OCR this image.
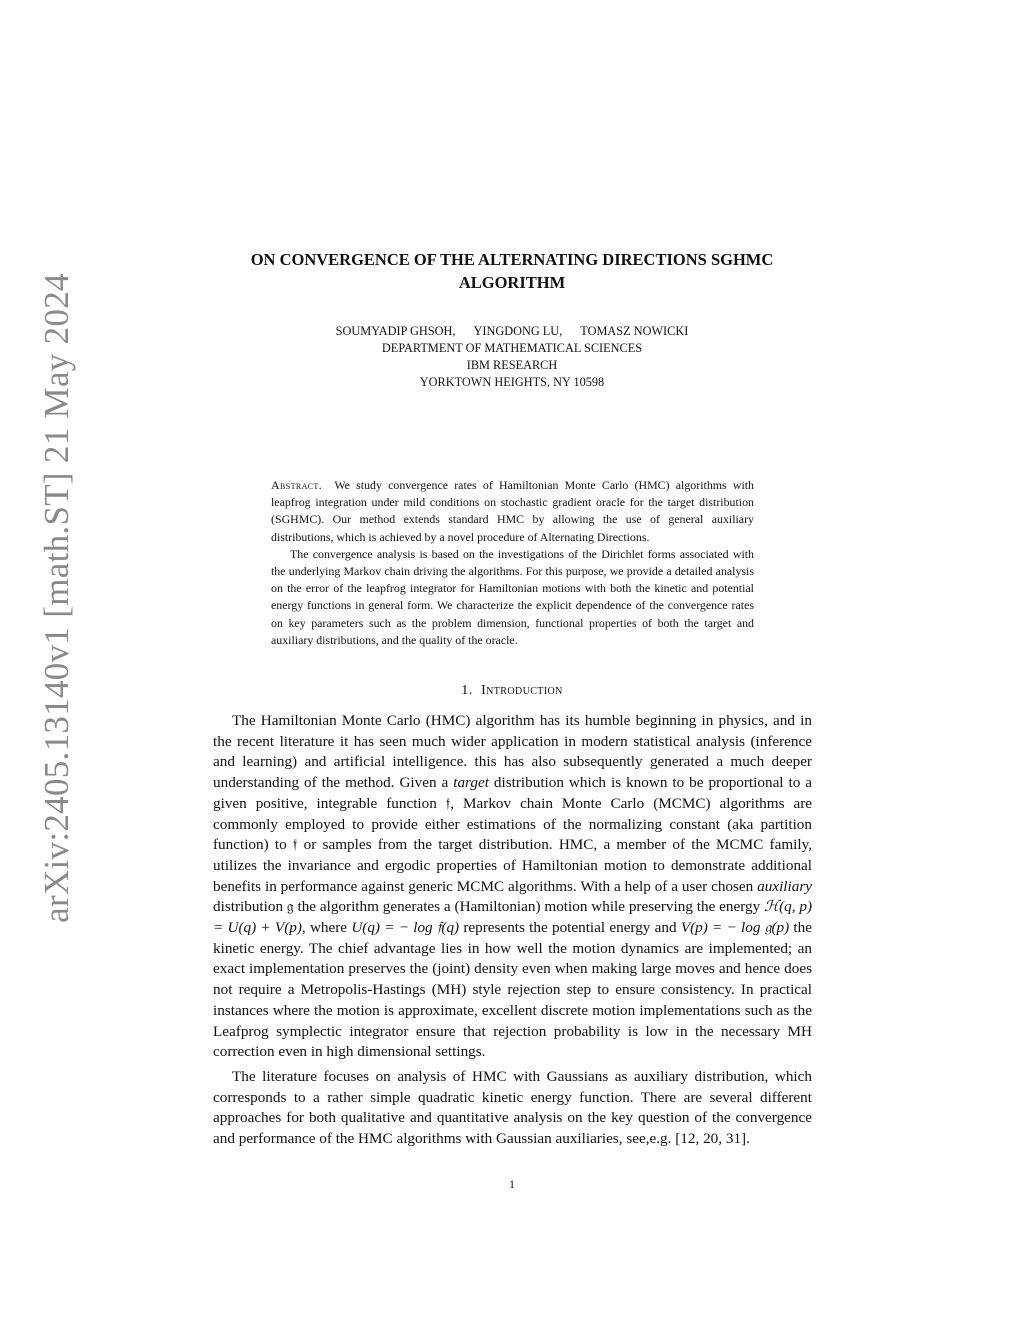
arXiv:2405.13140v1 [math.ST] 21 May 2024
ON CONVERGENCE OF THE ALTERNATING DIRECTIONS SGHMC
ALGORITHM
SOUMYADIP GHSOH, YINGDONG LU, TOMASZ NOWICKI
DEPARTMENT OF MATHEMATICAL SCIENCES
IBM RESEARCH
YORKTOWN HEIGHTS, NY 10598

Abstract. We study convergence rates of Hamiltonian Monte Carlo (HMC) algorithms with leapfrog integration under mild conditions on stochastic gradient oracle for the target distribution (SGHMC). Our method extends standard HMC by allowing the use of general auxiliary distributions, which is achieved by a novel procedure of Alternating Directions.

The convergence analysis is based on the investigations of the Dirichlet forms associated with the underlying Markov chain driving the algorithms. For this purpose, we provide a detailed analysis on the error of the leapfrog integrator for Hamiltonian motions with both the kinetic and potential energy functions in general form. We characterize the explicit dependence of the convergence rates on key parameters such as the problem dimension, functional properties of both the target and auxiliary distributions, and the quality of the oracle.

1. Introduction

The Hamiltonian Monte Carlo (HMC) algorithm has its humble beginning in physics, and in the recent literature it has seen much wider application in modern statistical analysis (inference and learning) and artificial intelligence. this has also subsequently generated a much deeper understanding of the method. Given a target distribution which is known to be proportional to a given positive, integrable function 𝔣, Markov chain Monte Carlo (MCMC) algorithms are commonly employed to provide either estimations of the normalizing constant (aka partition function) to 𝔣 or samples from the target distribution. HMC, a member of the MCMC family, utilizes the invariance and ergodic properties of Hamiltonian motion to demonstrate additional benefits in performance against generic MCMC algorithms. With a help of a user chosen auxiliary distribution 𝔤 the algorithm generates a (Hamiltonian) motion while preserving the energy ℋ(q, p) = U(q) + V(p), where U(q) = − log 𝔣(q) represents the potential energy and V(p) = − log 𝔤(p) the kinetic energy. The chief advantage lies in how well the motion dynamics are implemented; an exact implementation preserves the (joint) density even when making large moves and hence does not require a Metropolis-Hastings (MH) style rejection step to ensure consistency. In practical instances where the motion is approximate, excellent discrete motion implementations such as the Leafprog symplectic integrator ensure that rejection probability is low in the necessary MH correction even in high dimensional settings.

The literature focuses on analysis of HMC with Gaussians as auxiliary distribution, which corresponds to a rather simple quadratic kinetic energy function. There are several different approaches for both qualitative and quantitative analysis on the key question of the convergence and performance of the HMC algorithms with Gaussian auxiliaries, see,e.g. [12, 20, 31].

1
